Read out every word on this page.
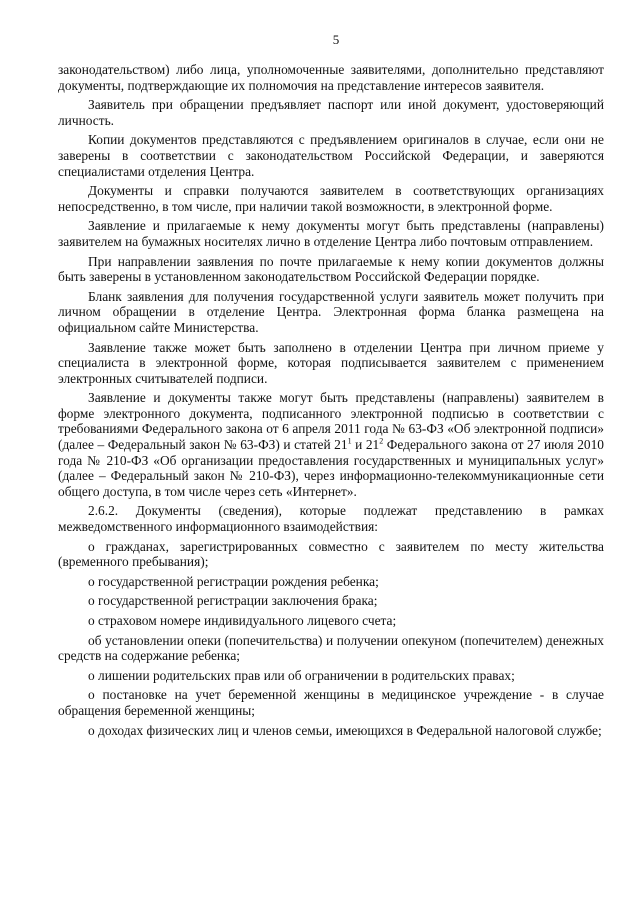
5

законодательством) либо лица, уполномоченные заявителями, дополнительно представляют документы, подтверждающие их полномочия на представление интересов заявителя.

Заявитель при обращении предъявляет паспорт или иной документ, удостоверяющий личность.

Копии документов представляются с предъявлением оригиналов в случае, если они не заверены в соответствии с законодательством Российской Федерации, и заверяются специалистами отделения Центра.

Документы и справки получаются заявителем в соответствующих организациях непосредственно, в том числе, при наличии такой возможности, в электронной форме.

Заявление и прилагаемые к нему документы могут быть представлены (направлены) заявителем на бумажных носителях лично в отделение Центра либо почтовым отправлением.

При направлении заявления по почте прилагаемые к нему копии документов должны быть заверены в установленном законодательством Российской Федерации порядке.

Бланк заявления для получения государственной услуги заявитель может получить при личном обращении в отделение Центра. Электронная форма бланка размещена на официальном сайте Министерства.

Заявление также может быть заполнено в отделении Центра при личном приеме у специалиста в электронной форме, которая подписывается заявителем с применением электронных считывателей подписи.

Заявление и документы также могут быть представлены (направлены) заявителем в форме электронного документа, подписанного электронной подписью в соответствии с требованиями Федерального закона от 6 апреля 2011 года № 63-ФЗ «Об электронной подписи» (далее – Федеральный закон № 63-ФЗ) и статей $21^1$ и $21^2$ Федерального закона от 27 июля 2010 года № 210-ФЗ «Об организации предоставления государственных и муниципальных услуг» (далее – Федеральный закон № 210-ФЗ), через информационно-телекоммуникационные сети общего доступа, в том числе через сеть «Интернет».

2.6.2. Документы (сведения), которые подлежат представлению в рамках межведомственного информационного взаимодействия:

о гражданах, зарегистрированных совместно с заявителем по месту жительства (временного пребывания);

о государственной регистрации рождения ребенка;

о государственной регистрации заключения брака;

о страховом номере индивидуального лицевого счета;

об установлении опеки (попечительства) и получении опекуном (попечителем) денежных средств на содержание ребенка;

о лишении родительских прав или об ограничении в родительских правах;

о постановке на учет беременной женщины в медицинское учреждение - в случае обращения беременной женщины;

о доходах физических лиц и членов семьи, имеющихся в Федеральной налоговой службе;
